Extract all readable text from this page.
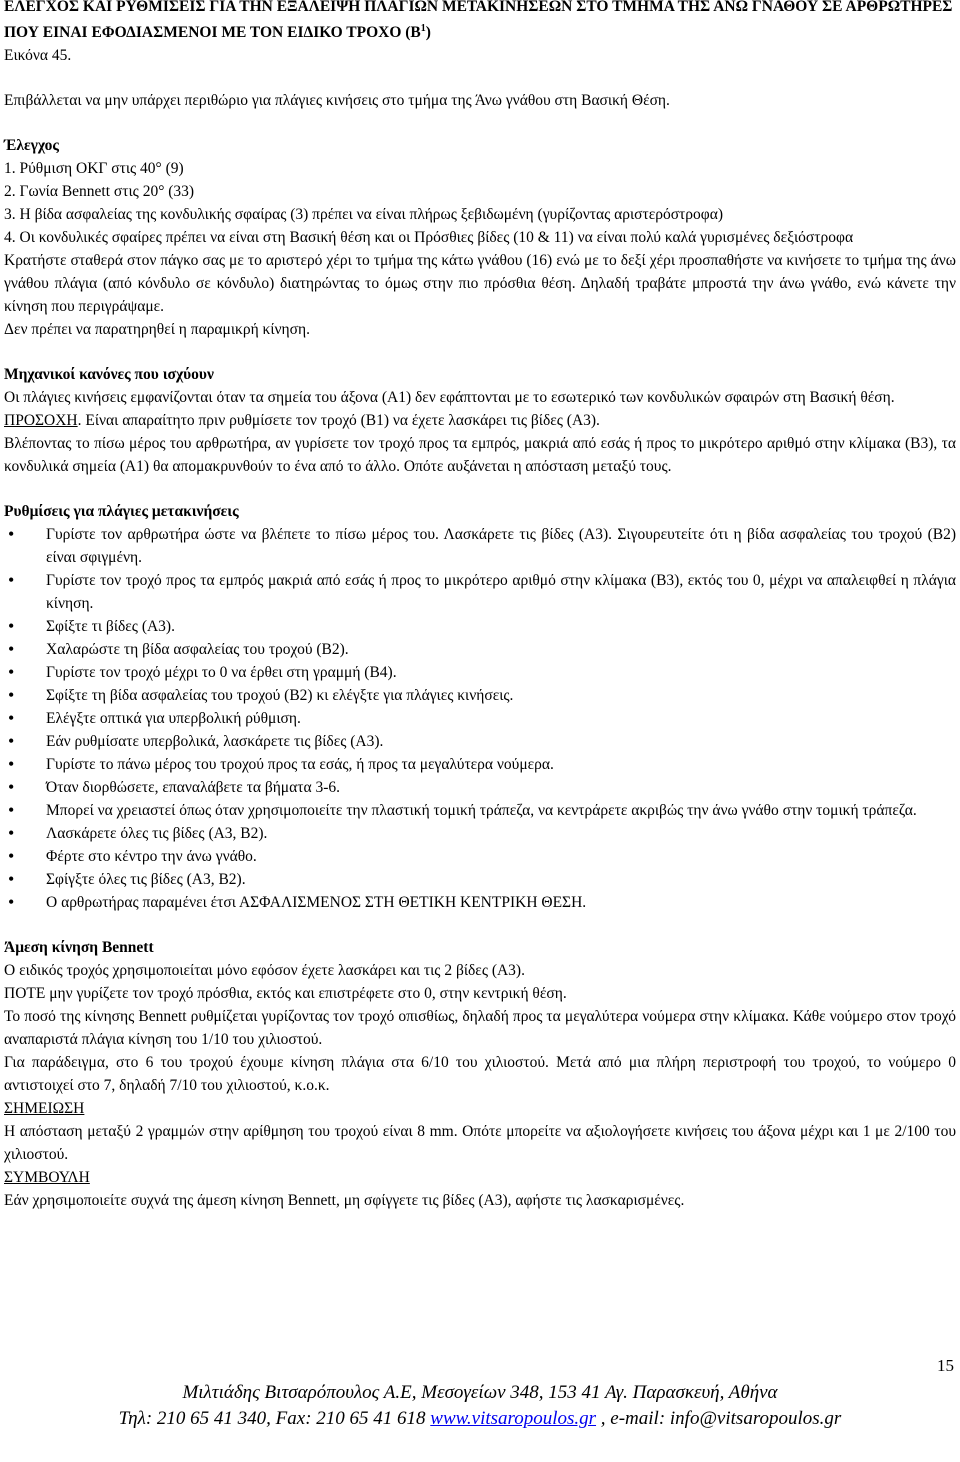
ΕΛΕΓΧΟΣ ΚΑΙ ΡΥΘΜΙΣΕΙΣ ΓΙΑ ΤΗΝ ΕΞΑΛΕΙΨΗ ΠΛΑΓΙΩΝ ΜΕΤΑΚΙΝΗΣΕΩΝ ΣΤΟ ΤΜΗΜΑ ΤΗΣ ΑΝΩ ΓΝΑΘΟΥ ΣΕ ΑΡΘΡΩΤΗΡΕΣ ΠΟΥ ΕΙΝΑΙ ΕΦΟΔΙΑΣΜΕΝΟΙ ΜΕ ΤΟΝ ΕΙΔΙΚΟ ΤΡΟΧΟ $(B^1)$

Εικόνα 45.

Επιβάλλεται να μην υπάρχει περιθώριο για πλάγιες κινήσεις στο τμήμα της Άνω γνάθου στη Βασική Θέση.

Έλεγχος

1. Ρύθμιση ΟΚΓ στις 40° (9)
2. Γωνία Bennett στις 20° (33)
3. Η βίδα ασφαλείας της κονδυλικής σφαίρας (3) πρέπει να είναι πλήρως ξεβιδωμένη (γυρίζοντας αριστερόστροφα)
4. Οι κονδυλικές σφαίρες πρέπει να είναι στη Βασική θέση και οι Πρόσθιες βίδες (10 & 11) να είναι πολύ καλά γυρισμένες δεξιόστροφα

Κρατήστε σταθερά στον πάγκο σας με το αριστερό χέρι το τμήμα της κάτω γνάθου (16) ενώ με το δεξί χέρι προσπαθήστε να κινήσετε το τμήμα της άνω γνάθου πλάγια (από κόνδυλο σε κόνδυλο) διατηρώντας το όμως στην πιο πρόσθια θέση. Δηλαδή τραβάτε μπροστά την άνω γνάθο, ενώ κάνετε την κίνηση που περιγράψαμε.

Δεν πρέπει να παρατηρηθεί η παραμικρή κίνηση.

Μηχανικοί κανόνες που ισχύουν

Οι πλάγιες κινήσεις εμφανίζονται όταν τα σημεία του άξονα (Α1) δεν εφάπτονται με το εσωτερικό των κονδυλικών σφαιρών στη Βασική θέση.

ΠΡΟΣΟΧΗ. Είναι απαραίτητο πριν ρυθμίσετε τον τροχό (Β1) να έχετε λασκάρει τις βίδες (Α3).

Βλέποντας το πίσω μέρος του αρθρωτήρα, αν γυρίσετε τον τροχό προς τα εμπρός, μακριά από εσάς ή προς το μικρότερο αριθμό στην κλίμακα (Β3), τα κονδυλικά σημεία (Α1) θα απομακρυνθούν το ένα από το άλλο. Οπότε αυξάνεται η απόσταση μεταξύ τους.

Ρυθμίσεις για πλάγιες μετακινήσεις

• Γυρίστε τον αρθρωτήρα ώστε να βλέπετε το πίσω μέρος του. Λασκάρετε τις βίδες (Α3). Σιγουρευτείτε ότι η βίδα ασφαλείας του τροχού (Β2) είναι σφιγμένη.
• Γυρίστε τον τροχό προς τα εμπρός μακριά από εσάς ή προς το μικρότερο αριθμό στην κλίμακα (Β3), εκτός του 0, μέχρι να απαλειφθεί η πλάγια κίνηση.
• Σφίξτε τι βίδες (Α3).
• Χαλαρώστε τη βίδα ασφαλείας του τροχού (Β2).
• Γυρίστε τον τροχό μέχρι το 0 να έρθει στη γραμμή (Β4).
• Σφίξτε τη βίδα ασφαλείας του τροχού (Β2) κι ελέγξτε για πλάγιες κινήσεις.
• Ελέγξτε οπτικά για υπερβολική ρύθμιση.
• Εάν ρυθμίσατε υπερβολικά, λασκάρετε τις βίδες (Α3).
• Γυρίστε το πάνω μέρος του τροχού προς τα εσάς, ή προς τα μεγαλύτερα νούμερα.
• Όταν διορθώσετε, επαναλάβετε τα βήματα 3-6.
• Μπορεί να χρειαστεί όπως όταν χρησιμοποιείτε την πλαστική τομική τράπεζα, να κεντράρετε ακριβώς την άνω γνάθο στην τομική τράπεζα.
• Λασκάρετε όλες τις βίδες (Α3, Β2).
• Φέρτε στο κέντρο την άνω γνάθο.
• Σφίγξτε όλες τις βίδες (Α3, Β2).
• Ο αρθρωτήρας παραμένει έτσι ΑΣΦΑΛΙΣΜΕΝΟΣ ΣΤΗ ΘΕΤΙΚΗ ΚΕΝΤΡΙΚΗ ΘΕΣΗ.

Άμεση κίνηση Bennett

Ο ειδικός τροχός χρησιμοποιείται μόνο εφόσον έχετε λασκάρει και τις 2 βίδες (Α3).

ΠΟΤΕ μην γυρίζετε τον τροχό πρόσθια, εκτός και επιστρέφετε στο 0, στην κεντρική θέση.

Το ποσό της κίνησης Bennett ρυθμίζεται γυρίζοντας τον τροχό οπισθίως, δηλαδή προς τα μεγαλύτερα νούμερα στην κλίμακα. Κάθε νούμερο στον τροχό αναπαριστά πλάγια κίνηση του 1/10 του χιλιοστού.

Για παράδειγμα, στο 6 του τροχού έχουμε κίνηση πλάγια στα 6/10 του χιλιοστού. Μετά από μια πλήρη περιστροφή του τροχού, το νούμερο 0 αντιστοιχεί στο 7, δηλαδή 7/10 του χιλιοστού, κ.ο.κ.

ΣΗΜΕΙΩΣΗ

Η απόσταση μεταξύ 2 γραμμών στην αρίθμηση του τροχού είναι 8 mm. Οπότε μπορείτε να αξιολογήσετε κινήσεις του άξονα μέχρι και 1 με 2/100 του χιλιοστού.

ΣΥΜΒΟΥΛΗ

Εάν χρησιμοποιείτε συχνά της άμεση κίνηση Bennett, μη σφίγγετε τις βίδες (Α3), αφήστε τις λασκαρισμένες.

15
Μιλτιάδης Βιτσαρόπουλος Α.Ε, Μεσογείων 348, 153 41 Αγ. Παρασκευή, Αθήνα
Τηλ: 210 65 41 340, Fax: 210 65 41 618 www.vitsaropoulos.gr , e-mail: info@vitsaropoulos.gr
